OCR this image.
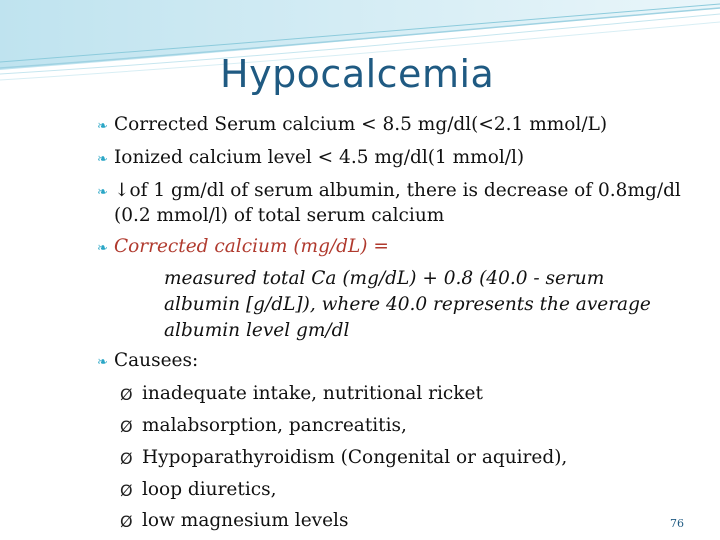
Hypocalcemia
❧ Corrected Serum calcium < 8.5 mg/dl(<2.1 mmol/L)
❧ Ionized calcium level < 4.5 mg/dl(1 mmol/l)
❧ ↓of 1 gm/dl of serum albumin, there is decrease of 0.8mg/dl
(0.2 mmol/l) of total serum calcium
❧ Corrected calcium (mg/dL) =
measured total Ca (mg/dL) + 0.8 (40.0 - serum
albumin [g/dL]), where 40.0 represents the average
albumin level gm/dl
❧ Causees:
Ø inadequate intake, nutritional ricket
Ø malabsorption, pancreatitis,
Ø Hypoparathyroidism (Congenital or aquired),
Ø loop diuretics,
Ø low magnesium levels	76
